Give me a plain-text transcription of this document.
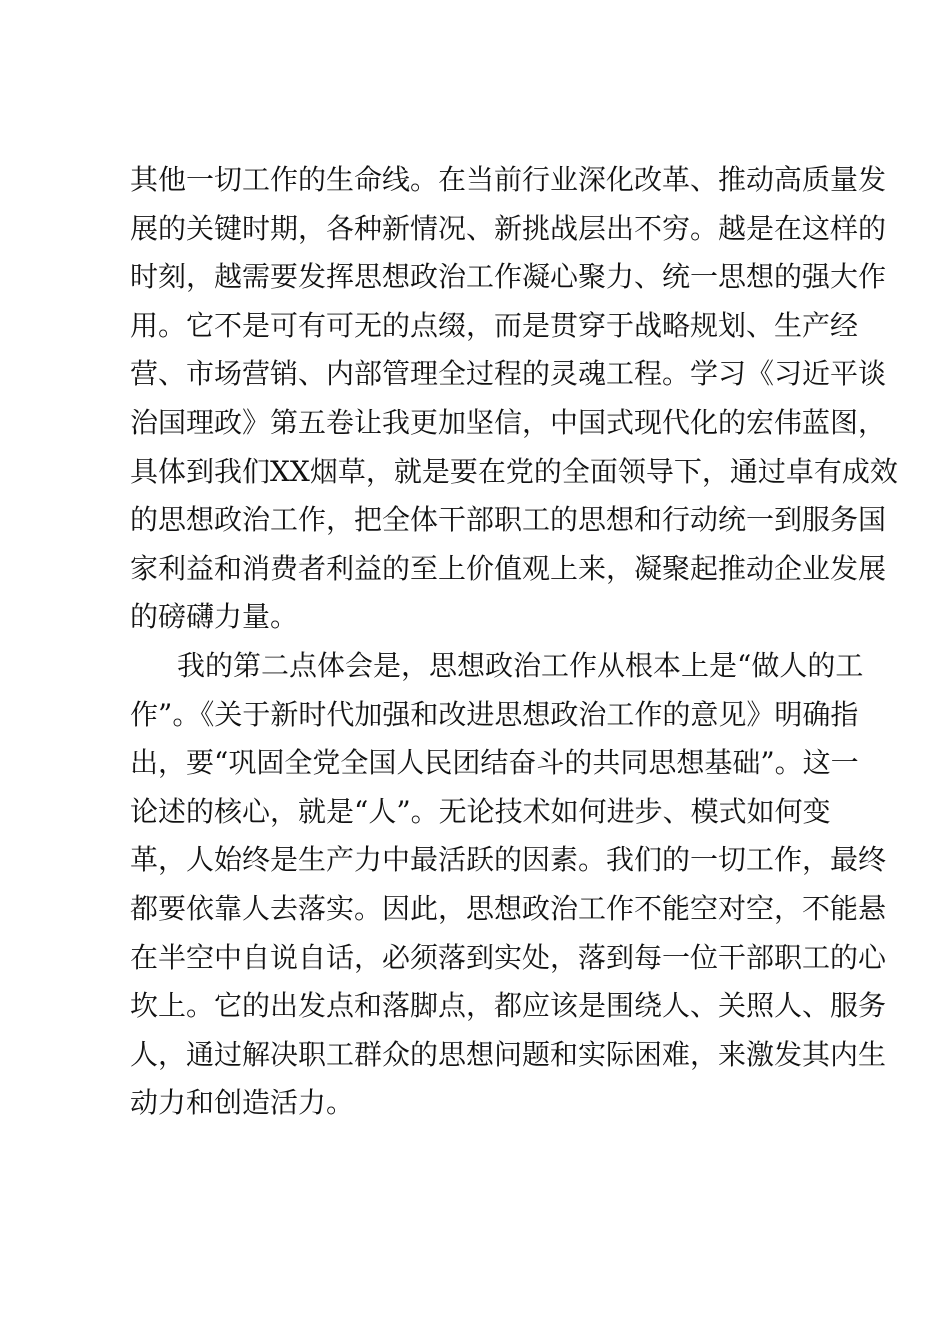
其他一切工作的生命线。在当前行业深化改革、推动高质量发
展的关键时期，各种新情况、新挑战层出不穷。越是在这样的
时刻，越需要发挥思想政治工作凝心聚力、统一思想的强大作
用。它不是可有可无的点缀，而是贯穿于战略规划、生产经
营、市场营销、内部管理全过程的灵魂工程。学习《习近平谈
治国理政》第五卷让我更加坚信，中国式现代化的宏伟蓝图，
具体到我们XX烟草，就是要在党的全面领导下，通过卓有成效
的思想政治工作，把全体干部职工的思想和行动统一到服务国
家利益和消费者利益的至上价值观上来，凝聚起推动企业发展
的磅礴力量。
我的第二点体会是，思想政治工作从根本上是“做人的工
作”。《关于新时代加强和改进思想政治工作的意见》明确指
出，要“巩固全党全国人民团结奋斗的共同思想基础”。这一
论述的核心，就是“人”。无论技术如何进步、模式如何变
革，人始终是生产力中最活跃的因素。我们的一切工作，最终
都要依靠人去落实。因此，思想政治工作不能空对空，不能悬
在半空中自说自话，必须落到实处，落到每一位干部职工的心
坎上。它的出发点和落脚点，都应该是围绕人、关照人、服务
人，通过解决职工群众的思想问题和实际困难，来激发其内生
动力和创造活力。
